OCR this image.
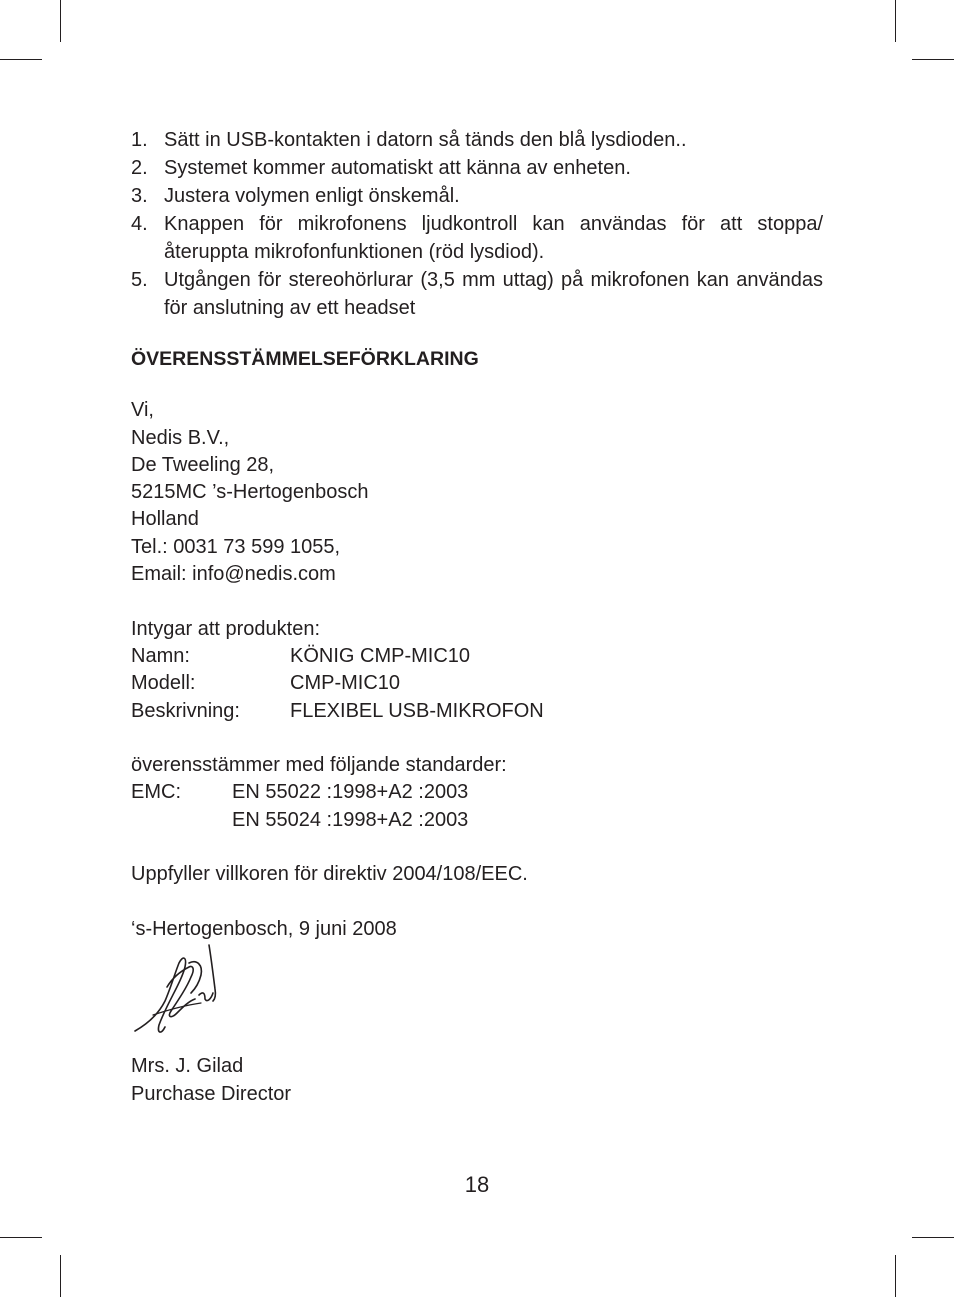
1. Sätt in USB-kontakten i datorn så tänds den blå lysdioden..
2. Systemet kommer automatiskt att känna av enheten.
3. Justera volymen enligt önskemål.
4. Knappen för mikrofonens ljudkontroll kan användas för att stoppa/ återuppta mikrofonfunktionen (röd lysdiod).
5. Utgången för stereohörlurar (3,5 mm uttag) på mikrofonen kan användas för anslutning av ett headset
ÖVERENSSTÄMMELSEFÖRKLARING
Vi,
Nedis B.V.,
De Tweeling 28,
5215MC ’s-Hertogenbosch
Holland
Tel.: 0031 73 599 1055,
Email: info@nedis.com
Intygar att produkten:
Namn:	KÖNIG CMP-MIC10
Modell:	CMP-MIC10
Beskrivning:	FLEXIBEL USB-MIKROFON
överensstämmer med följande standarder:
EMC:	EN 55022 :1998+A2 :2003
EN 55024 :1998+A2 :2003
Uppfyller villkoren för direktiv 2004/108/EEC.
‘s-Hertogenbosch, 9 juni 2008
Mrs. J. Gilad
Purchase Director
18
